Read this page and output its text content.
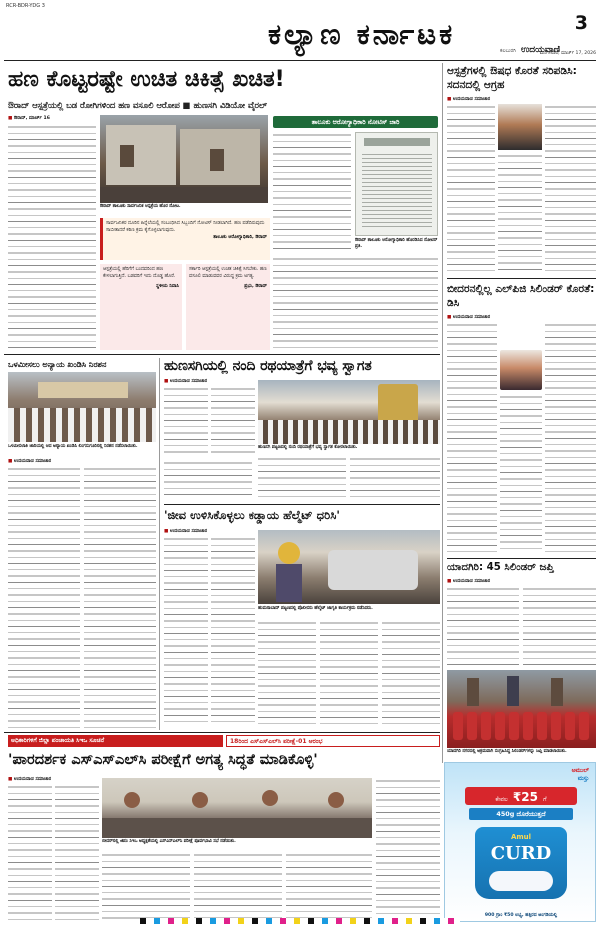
RCR-BDR-YDG 3
ಕಲ್ಯಾಣ ಕರ್ನಾಟಕ	3
ಕಲಬುರಗಿ ಉದಯವಾಣಿ
ಮಂಗಳವಾರ, ಮಾರ್ಚ್ 17, 2026
ಹಣ ಕೊಟ್ಟರಷ್ಟೇ ಉಚಿತ ಚಿಕಿತ್ಸೆ ಖಚಿತ!
ಔರಾದ್ ಆಸ್ಪತ್ರೆಯಲ್ಲಿ ಬಡ ರೋಗಿಗಳಿಂದ ಹಣ ವಸೂಲಿ ಆರೋಪ ■ ಹುಣಸಗಿ ವಿಡಿಯೋ ವೈರಲ್
■ ಔರಾದ್‌, ಮಾರ್ಚ್ 16
ಔರಾದ್ ತಾಲೂಕು ಸಾರ್ವಜನಿಕ ಆಸ್ಪತ್ರೆಯ ಹೊರ ನೋಟ.
ತಾಲೂಕು ಆರೋಗ್ಯಾಧಿಕಾರಿ ನೋಟಿಸ್ ಜಾರಿ
ಔರಾದ್ ತಾಲೂಕು ಆರೋಗ್ಯಾಧಿಕಾರಿ ಹೊರಡಿಸಿದ ನೋಟಿಸ್ ಪ್ರತಿ.
ಸಾರ್ವಜನಿಕರ ದೂರಿನ ಹಿನ್ನೆಲೆಯಲ್ಲಿ ಸಂಬಂಧಿಸಿದ ಸಿಬ್ಬಂದಿಗೆ ನೋಟಿಸ್ ನೀಡಲಾಗಿದೆ. ಹಣ ಪಡೆದಿರುವುದು ಸಾಬೀತಾದರೆ ಕಠಿಣ ಕ್ರಮ ಕೈಗೊಳ್ಳಲಾಗುವುದು.
ತಾಲೂಕು ಆರೋಗ್ಯಾಧಿಕಾರಿ, ಔರಾದ್
ಆಸ್ಪತ್ರೆಯಲ್ಲಿ ಹೆರಿಗೆಗೆ ಬಂದವರಿಂದ ಹಣ ಕೇಳಲಾಗುತ್ತಿದೆ. ಬಡವರಿಗೆ ಇದು ದೊಡ್ಡ ಹೊರೆ.
ಸ್ಥಳೀಯ ನಿವಾಸಿ
ಸರ್ಕಾರಿ ಆಸ್ಪತ್ರೆಯಲ್ಲಿ ಉಚಿತ ಚಿಕಿತ್ಸೆ ಸಿಗಬೇಕು. ಹಣ ವಸೂಲಿ ಮಾಡುವವರ ವಿರುದ್ಧ ಕ್ರಮ ಅಗತ್ಯ.
ಪ್ರಭು, ಔರಾದ್
ಆಸ್ಪತ್ರೆಗಳಲ್ಲಿ ಔಷಧ ಕೊರತೆ ಸರಿಪಡಿಸಿ: ಸದನದಲ್ಲಿ ಆಗ್ರಹ
■ ಉದಯವಾಣಿ ಸಮಾಚಾರ
ಬೀದರನಲ್ಲಿಲ್ಲ ಎಲ್‌ಪಿಜಿ ಸಿಲಿಂಡರ್ ಕೊರತೆ: ಡಿಸಿ
■ ಉದಯವಾಣಿ ಸಮಾಚಾರ
ಯಾದಗಿರಿ: 45 ಸಿಲಿಂಡರ್ ಜಪ್ತಿ
■ ಉದಯವಾಣಿ ಸಮಾಚಾರ
ಯಾದಗಿರಿ ನಗರದಲ್ಲಿ ಅಕ್ರಮವಾಗಿ ಸಂಗ್ರಹಿಸಿದ್ದ ಸಿಲಿಂಡರ್‌ಗಳನ್ನು ಜಪ್ತಿ ಮಾಡಲಾಯಿತು.
ಒಳಮೀಸಲು ಅನ್ಯಾಯ ಖಂಡಿಸಿ ನಿರಶನ
ಒಳಮೀಸಲಾತಿ ಜಾರಿಯಲ್ಲಿ ಆದ ಅನ್ಯಾಯ ಖಂಡಿಸಿ ಲಿಂಗಸುಗೂರಿನಲ್ಲಿ ನಿರಶನ ನಡೆಸಲಾಯಿತು.
■ ಉದಯವಾಣಿ ಸಮಾಚಾರ
ಹುಣಸಗಿಯಲ್ಲಿ ನಂದಿ ರಥಯಾತ್ರೆಗೆ ಭವ್ಯ ಸ್ವಾಗತ
■ ಉದಯವಾಣಿ ಸಮಾಚಾರ
ಹುಣಸಗಿ ಪಟ್ಟಣದಲ್ಲಿ ನಂದಿ ರಥಯಾತ್ರೆಗೆ ಭವ್ಯ ಸ್ವಾಗತ ಕೋರಲಾಯಿತು.
'ಜೀವ ಉಳಿಸಿಕೊಳ್ಳಲು ಕಡ್ಡಾಯ ಹೆಲ್ಮೆಟ್ ಧರಿಸಿ'
■ ಉದಯವಾಣಿ ಸಮಾಚಾರ
ಹುಮನಾಬಾದ್ ಪಟ್ಟಣದಲ್ಲಿ ಪೊಲೀಸರು ಹೆಲ್ಮೆಟ್ ಜಾಗೃತಿ ಕಾರ್ಯಕ್ರಮ ನಡೆಸಿದರು.
ಅಧಿಕಾರಿಗಳಿಗೆ ಜಿಲ್ಲಾ ಪಂಚಾಯತಿ ಸಿಇಒ ಸೂಚನೆ	18ರಿಂದ ಎಸ್ಎಸ್ಎಲ್‌ಸಿ ಪರೀಕ್ಷೆ-01 ಆರಂಭ
'ಪಾರದರ್ಶಕ ಎಸ್ಎಸ್ಎಲ್‌ಸಿ ಪರೀಕ್ಷೆಗೆ ಅಗತ್ಯ ಸಿದ್ಧತೆ ಮಾಡಿಕೊಳ್ಳಿ'
■ ಉದಯವಾಣಿ ಸಮಾಚಾರ
ಬೀದರ್‌ನಲ್ಲಿ ಜಿಪಂ ಸಿಇಒ ಅಧ್ಯಕ್ಷತೆಯಲ್ಲಿ ಎಸ್ಎಸ್ಎಲ್‌ಸಿ ಪರೀಕ್ಷೆ ಪೂರ್ವಭಾವಿ ಸಭೆ ನಡೆಯಿತು.
ಅಮುಲ್
ಮಸ್ತು
ಕೇವಲ ₹25 ಗೆ
450g ದೊರೆಯುತ್ತದೆ
Amul
CURD
900 ಗ್ರಾಂ ₹50 ಲಭ್ಯ, ಹತ್ತಿರದ ಅಂಗಡಿಯಲ್ಲಿ
